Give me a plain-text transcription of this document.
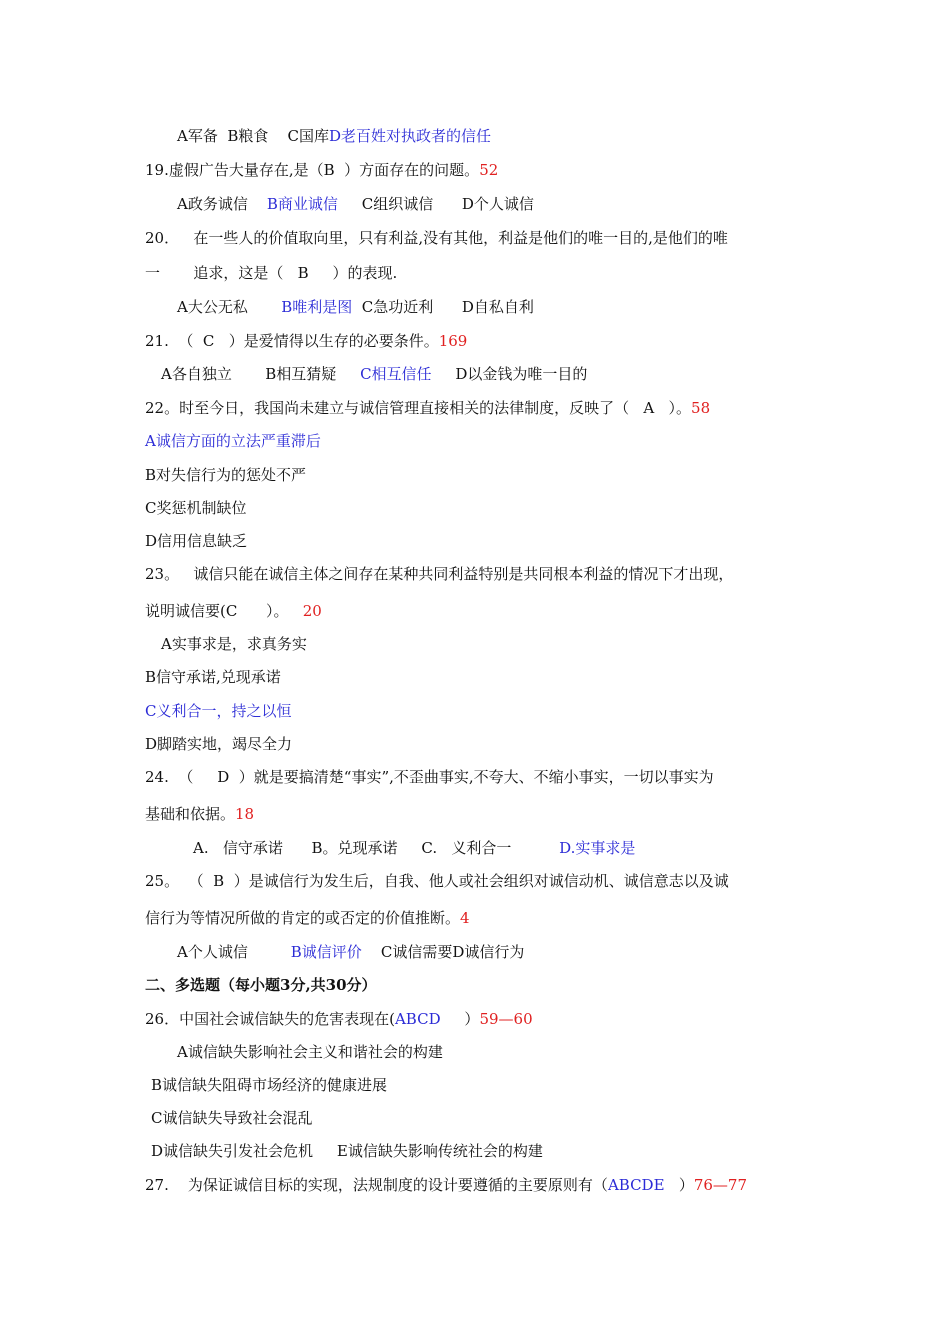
A军备  B粮食    C国库D老百姓对执政者的信任
19.虚假广告大量存在,是（B  ）方面存在的问题。52
A政务诚信    B商业诚信     C组织诚信      D个人诚信
20．   在一些人的价值取向里，只有利益,没有其他，利益是他们的唯一目的,是他们的唯
一       追求，这是（   B     ）的表现.
A大公无私       B唯利是图  C急功近利      D自私自利
21.  （  C   ）是爱情得以生存的必要条件。169
A各自独立       B相互猜疑     C相互信任     D以金钱为唯一目的
22。时至今日，我国尚未建立与诚信管理直接相关的法律制度，反映了（   A   ）。58
A诚信方面的立法严重滞后
B对失信行为的惩处不严
C奖惩机制缺位
D信用信息缺乏
23。   诚信只能在诚信主体之间存在某种共同利益特别是共同根本利益的情况下才出现，
说明诚信要(C      ）。   20
A实事求是，求真务实
B信守承诺,兑现承诺
C义利合一，持之以恒
D脚踏实地，竭尽全力
24.  （     D  ）就是要搞清楚“事实”,不歪曲事实,不夸大、不缩小事实，一切以事实为
基础和依据。18
A.   信守承诺      B。兑现承诺     C.   义利合一          D.实事求是
25。  （  B  ）是诚信行为发生后，自我、他人或社会组织对诚信动机、诚信意志以及诚
信行为等情况所做的肯定的或否定的价值推断。4
A个人诚信         B诚信评价    C诚信需要D诚信行为
二、多选题（每小题3分,共30分）
26．中国社会诚信缺失的危害表现在(ABCD     ）59—60
A诚信缺失影响社会主义和谐社会的构建
B诚信缺失阻碍市场经济的健康进展
C诚信缺失导致社会混乱
D诚信缺失引发社会危机     E诚信缺失影响传统社会的构建
27.    为保证诚信目标的实现，法规制度的设计要遵循的主要原则有（ABCDE   ）76—77
